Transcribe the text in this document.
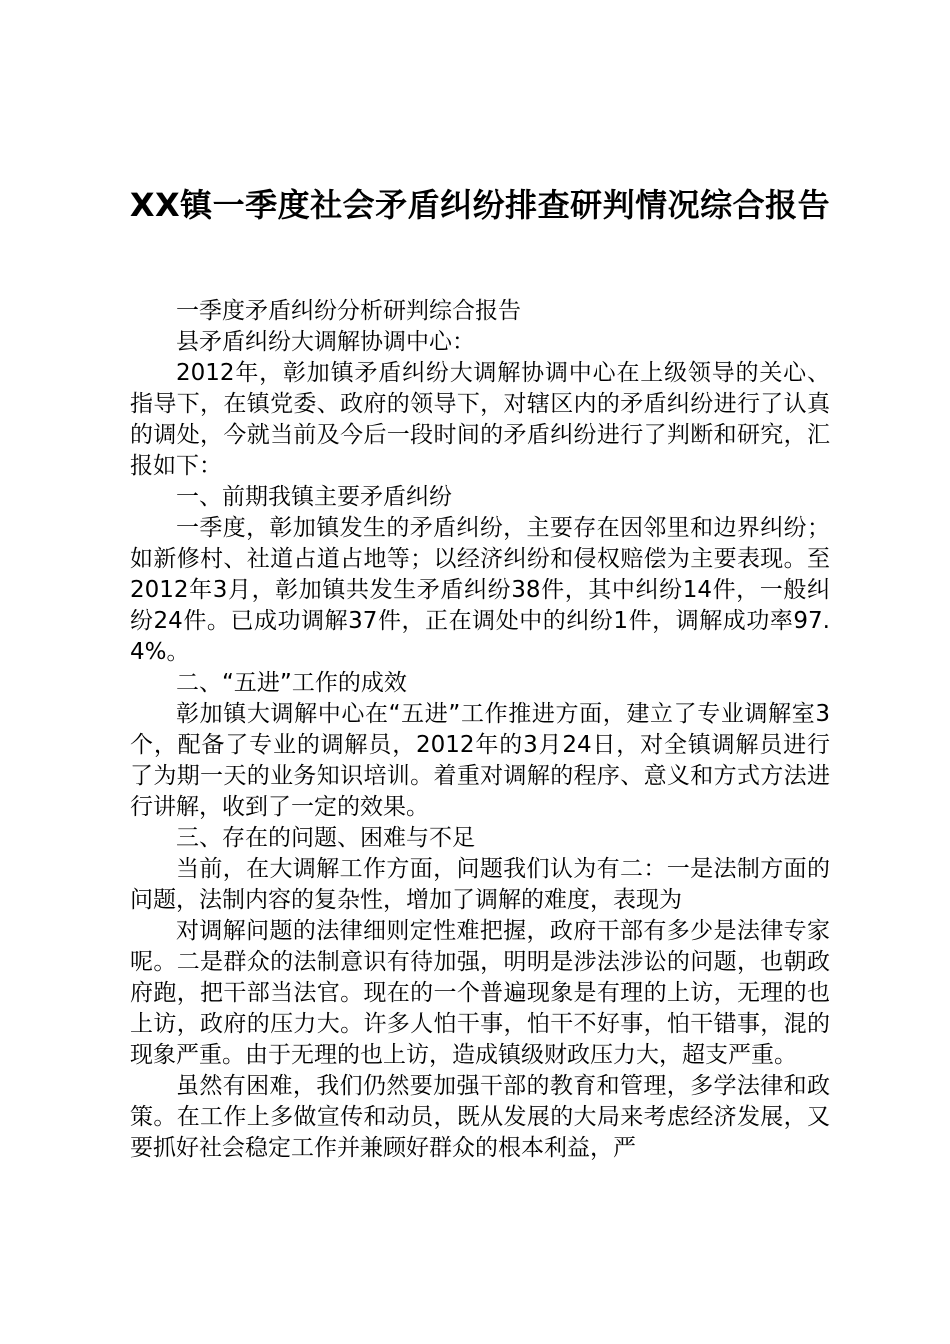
XX镇一季度社会矛盾纠纷排查研判情况综合报告

一季度矛盾纠纷分析研判综合报告

县矛盾纠纷大调解协调中心：

2012年，彰加镇矛盾纠纷大调解协调中心在上级领导的关心、指导下，在镇党委、政府的领导下，对辖区内的矛盾纠纷进行了认真的调处，今就当前及今后一段时间的矛盾纠纷进行了判断和研究，汇报如下：

一、前期我镇主要矛盾纠纷

一季度，彰加镇发生的矛盾纠纷，主要存在因邻里和边界纠纷；如新修村、社道占道占地等；以经济纠纷和侵权赔偿为主要表现。至2012年3月，彰加镇共发生矛盾纠纷38件，其中纠纷14件，一般纠纷24件。已成功调解37件，正在调处中的纠纷1件，调解成功率97.4%。

二、“五进”工作的成效

彰加镇大调解中心在“五进”工作推进方面，建立了专业调解室3个，配备了专业的调解员，2012年的3月24日，对全镇调解员进行了为期一天的业务知识培训。着重对调解的程序、意义和方式方法进行讲解，收到了一定的效果。

三、存在的问题、困难与不足

当前，在大调解工作方面，问题我们认为有二：一是法制方面的问题，法制内容的复杂性，增加了调解的难度，表现为

对调解问题的法律细则定性难把握，政府干部有多少是法律专家呢。二是群众的法制意识有待加强，明明是涉法涉讼的问题，也朝政府跑，把干部当法官。现在的一个普遍现象是有理的上访，无理的也上访，政府的压力大。许多人怕干事，怕干不好事，怕干错事，混的现象严重。由于无理的也上访，造成镇级财政压力大，超支严重。

虽然有困难，我们仍然要加强干部的教育和管理，多学法律和政策。在工作上多做宣传和动员，既从发展的大局来考虑经济发展，又要抓好社会稳定工作并兼顾好群众的根本利益，严
